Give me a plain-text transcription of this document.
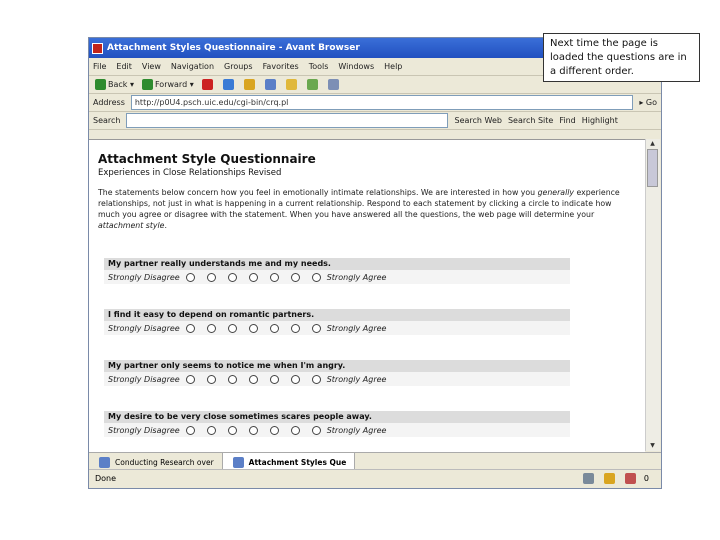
Attachment Styles Questionnaire - Avant Browser
File Edit View Navigation Groups Favorites Tools Windows Help
Back ▾	Forward ▾
Address	http://p0U4.psch.uic.edu/cgi-bin/crq.pl	▸ Go
Search	Search Web Search Site Find Highlight
Attachment Style Questionnaire
Experiences in Close Relationships Revised
The statements below concern how you feel in emotionally intimate relationships. We are interested in how you generally experience relationships, not just in what is happening in a current relationship. Respond to each statement by clicking a circle to indicate how much you agree or disagree with the statement. When you have answered all the questions, the web page will determine your attachment style.
My partner really understands me and my needs.
Strongly Disagree	Strongly Agree
I find it easy to depend on romantic partners.
Strongly Disagree	Strongly Agree
My partner only seems to notice me when I'm angry.
Strongly Disagree	Strongly Agree
My desire to be very close sometimes scares people away.
Strongly Disagree	Strongly Agree
▲
▼
Conducting Research over	Attachment Styles Que
Done	0
Next time the page is loaded the questions are in a different order.
